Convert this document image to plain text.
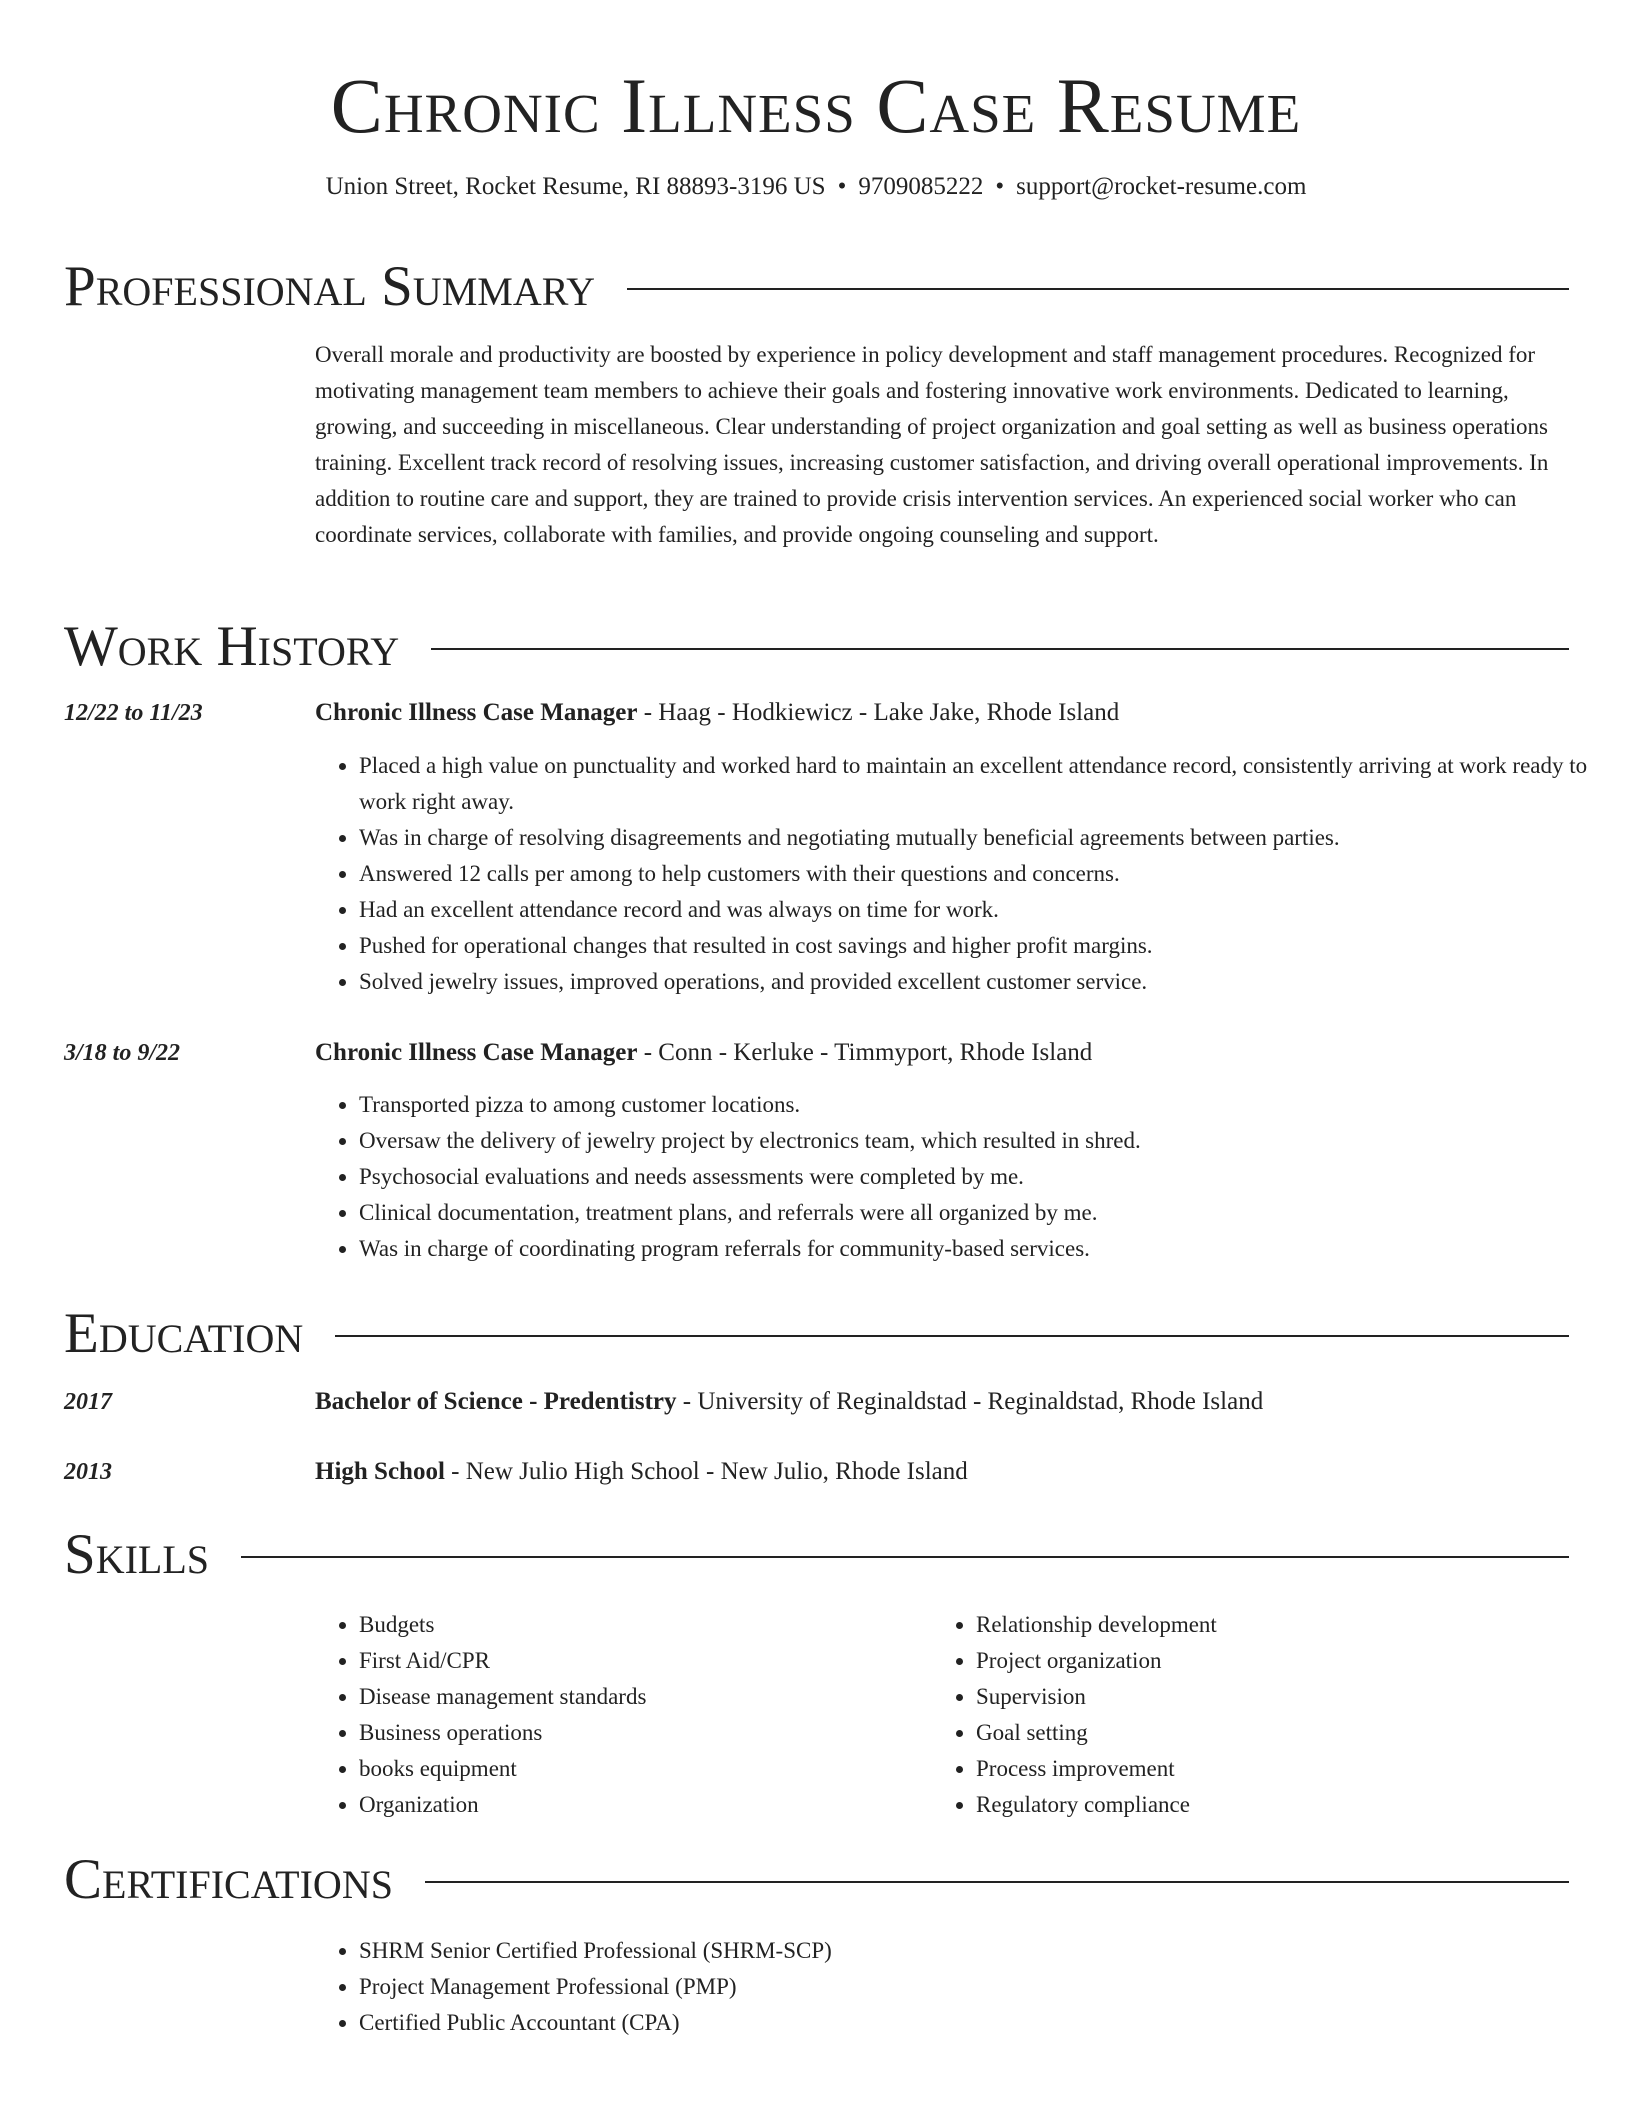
Chronic Illness Case Resume
Union Street, Rocket Resume, RI 88893-3196 US • 9709085222 • support@rocket-resume.com
Professional Summary

Overall morale and productivity are boosted by experience in policy development and staff management procedures. Recognized for motivating management team members to achieve their goals and fostering innovative work environments. Dedicated to learning, growing, and succeeding in miscellaneous. Clear understanding of project organization and goal setting as well as business operations training. Excellent track record of resolving issues, increasing customer satisfaction, and driving overall operational improvements. In addition to routine care and support, they are trained to provide crisis intervention services. An experienced social worker who can coordinate services, collaborate with families, and provide ongoing counseling and support.

Work History
12/22 to 11/23	Chronic Illness Case Manager - Haag - Hodkiewicz - Lake Jake, Rhode Island
• Placed a high value on punctuality and worked hard to maintain an excellent attendance record, consistently arriving at work ready to work right away.
• Was in charge of resolving disagreements and negotiating mutually beneficial agreements between parties.
• Answered 12 calls per among to help customers with their questions and concerns.
• Had an excellent attendance record and was always on time for work.
• Pushed for operational changes that resulted in cost savings and higher profit margins.
• Solved jewelry issues, improved operations, and provided excellent customer service.
3/18 to 9/22	Chronic Illness Case Manager - Conn - Kerluke - Timmyport, Rhode Island
• Transported pizza to among customer locations.
• Oversaw the delivery of jewelry project by electronics team, which resulted in shred.
• Psychosocial evaluations and needs assessments were completed by me.
• Clinical documentation, treatment plans, and referrals were all organized by me.
• Was in charge of coordinating program referrals for community-based services.
Education
2017	Bachelor of Science - Predentistry - University of Reginaldstad - Reginaldstad, Rhode Island
2013	High School - New Julio High School - New Julio, Rhode Island
Skills
• Budgets
• First Aid/CPR
• Disease management standards
• Business operations
• books equipment
• Organization
• Relationship development
• Project organization
• Supervision
• Goal setting
• Process improvement
• Regulatory compliance
Certifications
• SHRM Senior Certified Professional (SHRM-SCP)
• Project Management Professional (PMP)
• Certified Public Accountant (CPA)
